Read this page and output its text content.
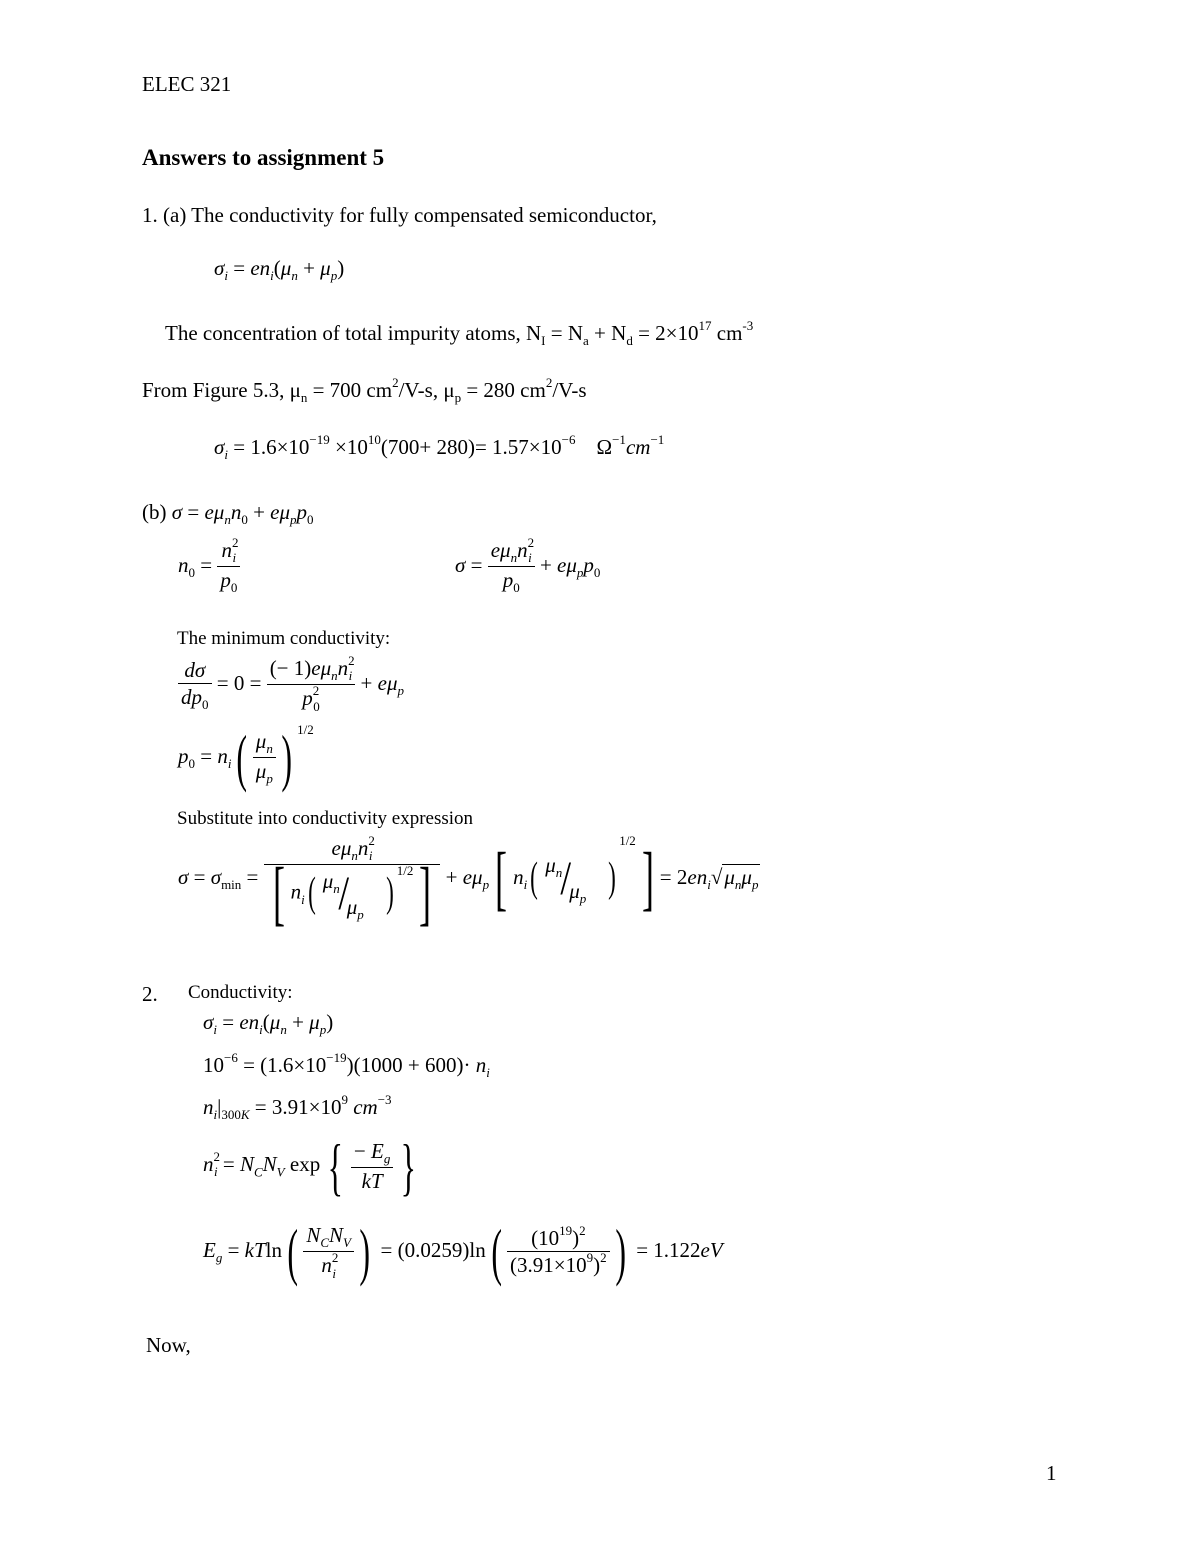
ELEC 321
Answers to assignment 5
1. (a) The conductivity for fully compensated semiconductor,
$\sigma_i = en_i(\mu_n + \mu_p)$
The concentration of total impurity atoms, $N_I = N_a + N_d = 2\times 10^{17}$ $cm^{-3}$
From Figure 5.3, $\mu_n = 700$ $cm^2/V-s$, $\mu_p = 280$ $cm^2/V-s$
$\sigma_i = 1.6\times 10^{-19} \times 10^{10}(700+ 280)= 1.57\times 10^{-6}$ $\Omega^{-1}cm^{-1}$
(b) $\sigma = e\mu_nn_0 + e\mu_pp_0$
$n_0 = \frac{n^2_i}{p_0}$	$\sigma = \frac{e\mu_nn^2_i}{p_0} + e\mu_pp_0$
The minimum conductivity:
$\frac{d\sigma}{dp_0} = 0 = \frac{(- 1)e\mu_nn^2_i}{p^2_0} + e\mu_p$
$p_0 = n_i( \frac{\mu_n}{\mu_p}$ ) $^{1/2}$
Substitute into conductivity expression
$\sigma = \sigma_{min} = e\mu_nn^2_i$
[ $n_i$( $\mu_n$
/
$\mu_p$ ) $^{1/2}] + e\mu_p$[ $n_i$( $\mu_n$
/
$\mu_p$ )$^{1/2}] = 2en_i√\mu_n\mu_p$
2. Conductivity:
$\sigma_i = en_i(\mu_n + \mu_p)$
$10^{-6} = (1.6\times 10^{-19})(1000 + 600)\cdot n_i$
$n_i|_{300K} = 3.91\times 10^9$ $cm^{-3}$
$n^2_i = N_CN_V$ exp { $\frac{- E_g}{kT}$ }
$E_g = kTln( \frac{N_CN_V}{n^2_i}$ ) = $(0.0259)\ln( \frac{(10^{19})^2}{(3.91\times 10^9)^2}$ ) = 1.122eV
Now,
1
